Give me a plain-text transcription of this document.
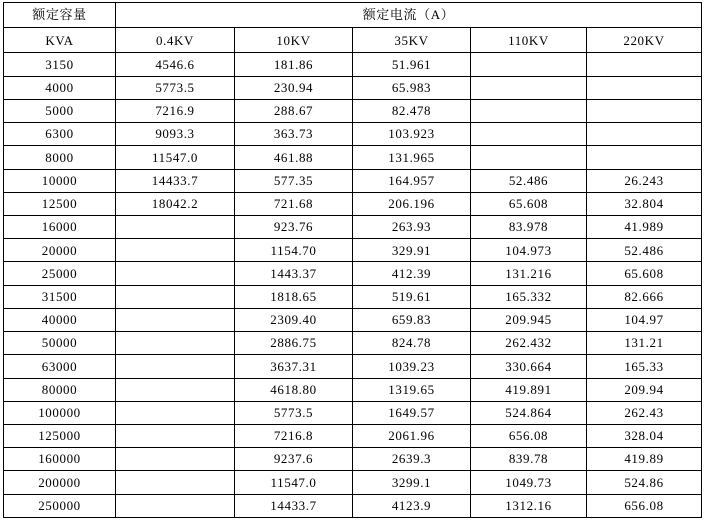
额定容量	额定电流（A）				
KVA	0.4KV	10KV	35KV	110KV	220KV
3150	4546.6	181.86	51.961		
4000	5773.5	230.94	65.983		
5000	7216.9	288.67	82.478		
6300	9093.3	363.73	103.923		
8000	11547.0	461.88	131.965		
10000	14433.7	577.35	164.957	52.486	26.243
12500	18042.2	721.68	206.196	65.608	32.804
16000		923.76	263.93	83.978	41.989
20000		1154.70	329.91	104.973	52.486
25000		1443.37	412.39	131.216	65.608
31500		1818.65	519.61	165.332	82.666
40000		2309.40	659.83	209.945	104.97
50000		2886.75	824.78	262.432	131.21
63000		3637.31	1039.23	330.664	165.33
80000		4618.80	1319.65	419.891	209.94
100000		5773.5	1649.57	524.864	262.43
125000		7216.8	2061.96	656.08	328.04
160000		9237.6	2639.3	839.78	419.89
200000		11547.0	3299.1	1049.73	524.86
250000		14433.7	4123.9	1312.16	656.08
